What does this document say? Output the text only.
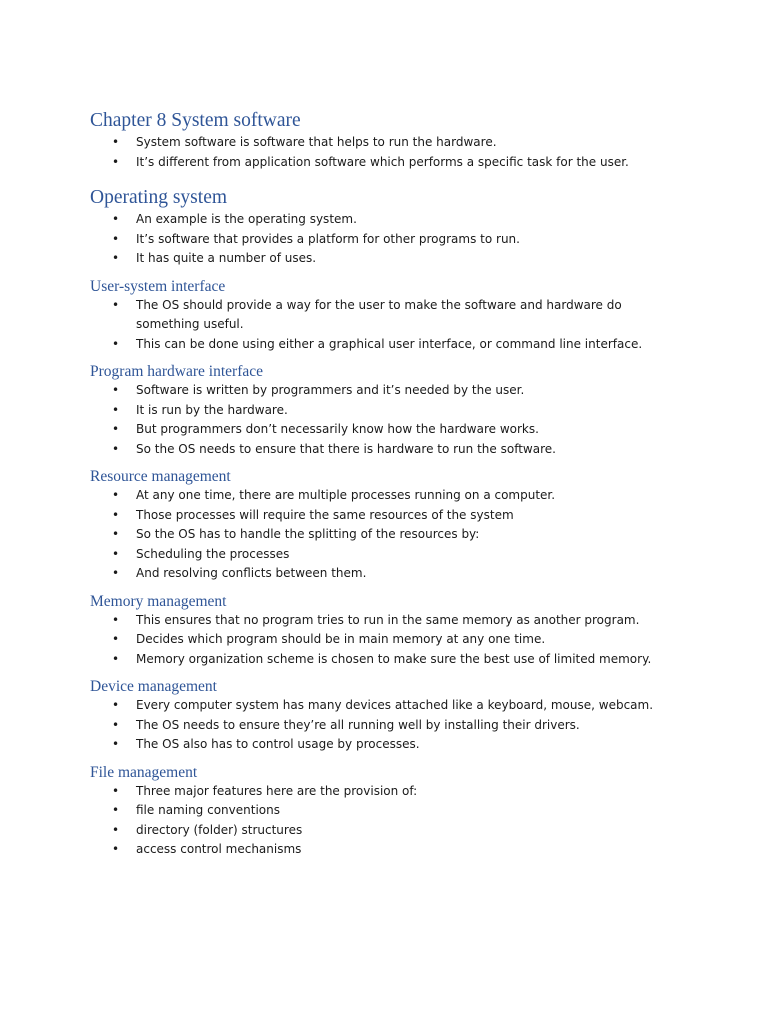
Chapter 8 System software
• System software is software that helps to run the hardware.
• It’s different from application software which performs a specific task for the user.
Operating system
• An example is the operating system.
• It’s software that provides a platform for other programs to run.
• It has quite a number of uses.
User-system interface
• The OS should provide a way for the user to make the software and hardware do something useful.
• This can be done using either a graphical user interface, or command line interface.
Program hardware interface
• Software is written by programmers and it’s needed by the user.
• It is run by the hardware.
• But programmers don’t necessarily know how the hardware works.
• So the OS needs to ensure that there is hardware to run the software.
Resource management
• At any one time, there are multiple processes running on a computer.
• Those processes will require the same resources of the system
• So the OS has to handle the splitting of the resources by:
• Scheduling the processes
• And resolving conflicts between them.
Memory management
• This ensures that no program tries to run in the same memory as another program.
• Decides which program should be in main memory at any one time.
• Memory organization scheme is chosen to make sure the best use of limited memory.
Device management
• Every computer system has many devices attached like a keyboard, mouse, webcam.
• The OS needs to ensure they’re all running well by installing their drivers.
• The OS also has to control usage by processes.
File management
• Three major features here are the provision of:
• file naming conventions
• directory (folder) structures
• access control mechanisms
